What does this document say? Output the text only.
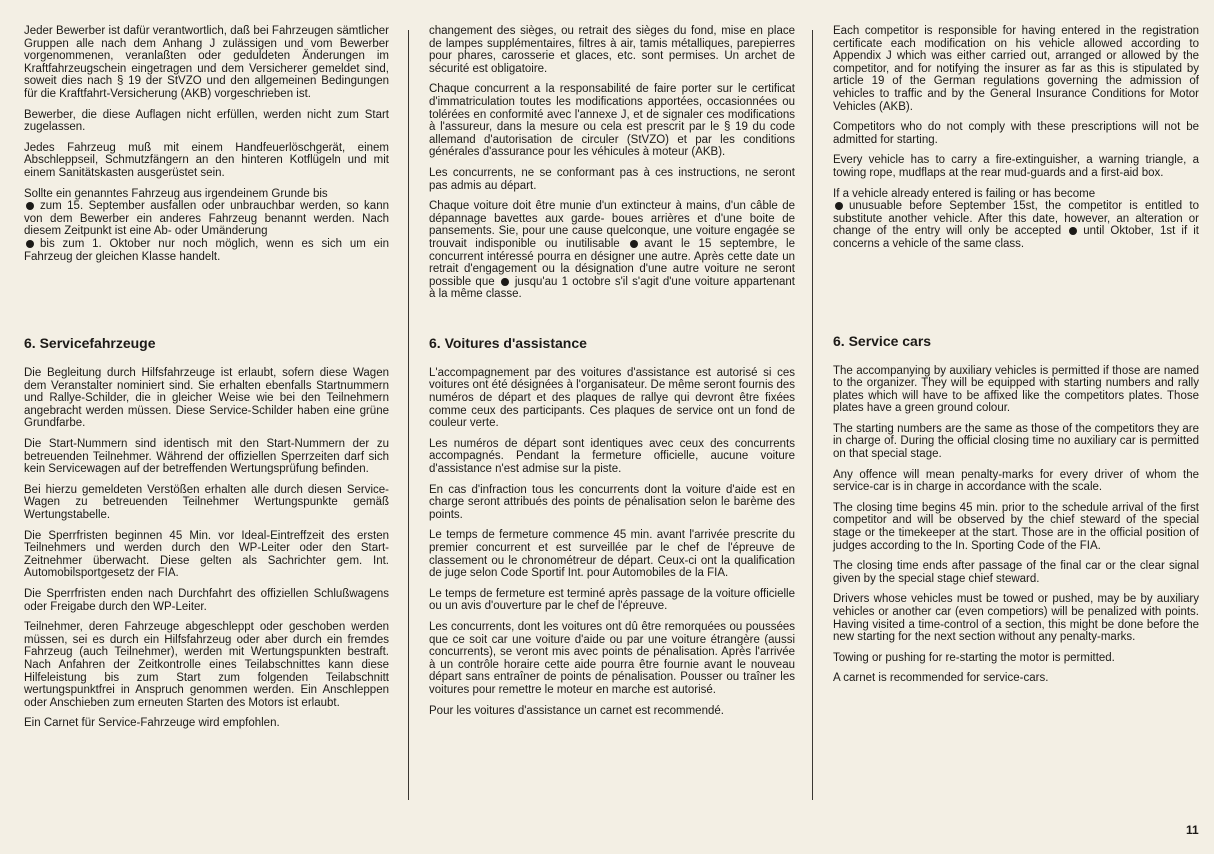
Jeder Bewerber ist dafür verantwortlich, daß bei Fahrzeugen sämtlicher Gruppen alle nach dem Anhang J zulässigen und vom Bewerber vorgenommenen, veranlaßten oder geduldeten Änderungen im Kraftfahrzeugschein eingetragen und dem Versicherer gemeldet sind, soweit dies nach § 19 der StVZO und den allgemeinen Bedingungen für die Kraftfahrt-Versicherung (AKB) vorgeschrieben ist.

Bewerber, die diese Auflagen nicht erfüllen, werden nicht zum Start zugelassen.

Jedes Fahrzeug muß mit einem Handfeuerlöschgerät, einem Abschleppseil, Schmutzfängern an den hinteren Kotflügeln und mit einem Sanitätskasten ausgerüstet sein.

Sollte ein genanntes Fahrzeug aus irgendeinem Grunde bis
zum 15. September ausfallen oder unbrauchbar werden, so kann von dem Bewerber ein anderes Fahrzeug benannt werden. Nach diesem Zeitpunkt ist eine Ab- oder Umänderung
bis zum 1. Oktober nur noch möglich, wenn es sich um ein Fahrzeug der gleichen Klasse handelt.

6. Servicefahrzeuge

Die Begleitung durch Hilfsfahrzeuge ist erlaubt, sofern diese Wagen dem Veranstalter nominiert sind. Sie erhalten ebenfalls Startnummern und Rallye-Schilder, die in gleicher Weise wie bei den Teilnehmern angebracht werden müssen. Diese Service-Schilder haben eine grüne Grundfarbe.

Die Start-Nummern sind identisch mit den Start-Nummern der zu betreuenden Teilnehmer. Während der offiziellen Sperrzeiten darf sich kein Servicewagen auf der betreffenden Wertungsprüfung befinden.

Bei hierzu gemeldeten Verstößen erhalten alle durch diesen Service-Wagen zu betreuenden Teilnehmer Wertungspunkte gemäß Wertungstabelle.

Die Sperrfristen beginnen 45 Min. vor Ideal-Eintreffzeit des ersten Teilnehmers und werden durch den WP-Leiter oder den Start-Zeitnehmer überwacht. Diese gelten als Sachrichter gem. Int. Automobilsportgesetz der FIA.

Die Sperrfristen enden nach Durchfahrt des offiziellen Schlußwagens oder Freigabe durch den WP-Leiter.

Teilnehmer, deren Fahrzeuge abgeschleppt oder geschoben werden müssen, sei es durch ein Hilfsfahrzeug oder aber durch ein fremdes Fahrzeug (auch Teilnehmer), werden mit Wertungspunkten bestraft. Nach Anfahren der Zeitkontrolle eines Teilabschnittes kann diese Hilfeleistung bis zum Start zum folgenden Teilabschnitt wertungspunktfrei in Anspruch genommen werden. Ein Anschleppen oder Anschieben zum erneuten Starten des Motors ist erlaubt.

Ein Carnet für Service-Fahrzeuge wird empfohlen.

changement des sièges, ou retrait des sièges du fond, mise en place de lampes supplémentaires, filtres à air, tamis métalliques, parepierres pour phares, carosserie et glaces, etc. sont permises. Un archet de sécurité est obligatoire.

Chaque concurrent a la responsabilité de faire porter sur le certificat d'immatriculation toutes les modifications apportées, occasionnées ou tolérées en conformité avec l'annexe J, et de signaler ces modifications à l'assureur, dans la mesure ou cela est prescrit par le § 19 du code allemand d'autorisation de circuler (StVZO) et par les conditions générales d'assurance pour les véhicules à moteur (AKB).

Les concurrents, ne se conformant pas à ces instructions, ne seront pas admis au départ.

Chaque voiture doit être munie d'un extincteur à mains, d'un câble de dépannage bavettes aux garde- boues arrières et d'une boite de pansements. Sie, pour une cause quelconque, une voiture engagée se trouvait indisponible ou inutilisable avant le 15 septembre, le concurrent intéressé pourra en désigner une autre. Après cette date un retrait d'engagement ou la désignation d'une autre voiture ne seront possible que jusqu'au 1 octobre s'il s'agit d'une voiture appartenant à la même classe.

6. Voitures d'assistance

L'accompagnement par des voitures d'assistance est autorisé si ces voitures ont été désignées à l'organisateur. De même seront fournis des numéros de départ et des plaques de rallye qui devront être fixées comme ceux des participants. Ces plaques de service ont un fond de couleur verte.

Les numéros de départ sont identiques avec ceux des concurrents accompagnés. Pendant la fermeture officielle, aucune voiture d'assistance n'est admise sur la piste.

En cas d'infraction tous les concurrents dont la voiture d'aide est en charge seront attribués des points de pénalisation selon le barème des points.

Le temps de fermeture commence 45 min. avant l'arrivée prescrite du premier concurrent et est surveillée par le chef de l'épreuve de classement ou le chronométreur de départ. Ceux-ci ont la qualification de juge selon Code Sportif Int. pour Automobiles de la FIA.

Le temps de fermeture est terminé après passage de la voiture officielle ou un avis d'ouverture par le chef de l'épreuve.

Les concurrents, dont les voitures ont dû être remorquées ou poussées que ce soit car une voiture d'aide ou par une voiture étrangère (aussi concurrents), se veront mis avec points de pénalisation. Après l'arrivée à un contrôle horaire cette aide pourra être fournie avant le nouveau départ sans entraîner de points de pénalisation. Pousser ou traîner les voitures pour remettre le moteur en marche est autorisé.

Pour les voitures d'assistance un carnet est recommendé.

Each competitor is responsible for having entered in the registration certificate each modification on his vehicle allowed according to Appendix J which was either carried out, arranged or allowed by the competitor, and for notifying the insurer as far as this is stipulated by article 19 of the German regulations governing the admission of vehicles to traffic and by the General Insurance Conditions for Motor Vehicles (AKB).

Competitors who do not comply with these prescriptions will not be admitted for starting.

Every vehicle has to carry a fire-extinguisher, a warning triangle, a towing rope, mudflaps at the rear mud-guards and a first-aid box.

If a vehicle already entered is failing or has become
unusuable before September 15st, the competitor is entitled to substitute another vehicle. After this date, however, an alteration or change of the entry will only be accepted until Oktober, 1st if it concerns a vehicle of the same class.

6. Service cars

The accompanying by auxiliary vehicles is permitted if those are named to the organizer. They will be equipped with starting numbers and rally plates which will have to be affixed like the competitors plates. Those plates have a green ground colour.

The starting numbers are the same as those of the competitors they are in charge of. During the official closing time no auxiliary car is permitted on that special stage.

Any offence will mean penalty-marks for every driver of whom the service-car is in charge in accordance with the scale.

The closing time begins 45 min. prior to the schedule arrival of the first competitor and will be observed by the chief steward of the special stage or the timekeeper at the start. Those are in the official position of judges according to the In. Sporting Code of the FIA.

The closing time ends after passage of the final car or the clear signal given by the special stage chief steward.

Drivers whose vehicles must be towed or pushed, may be by auxiliary vehicles or another car (even competiors) will be penalized with points. Having visited a time-control of a section, this might be done before the new starting for the next section without any penalty-marks.

Towing or pushing for re-starting the motor is permitted.

A carnet is recommended for service-cars.

11
